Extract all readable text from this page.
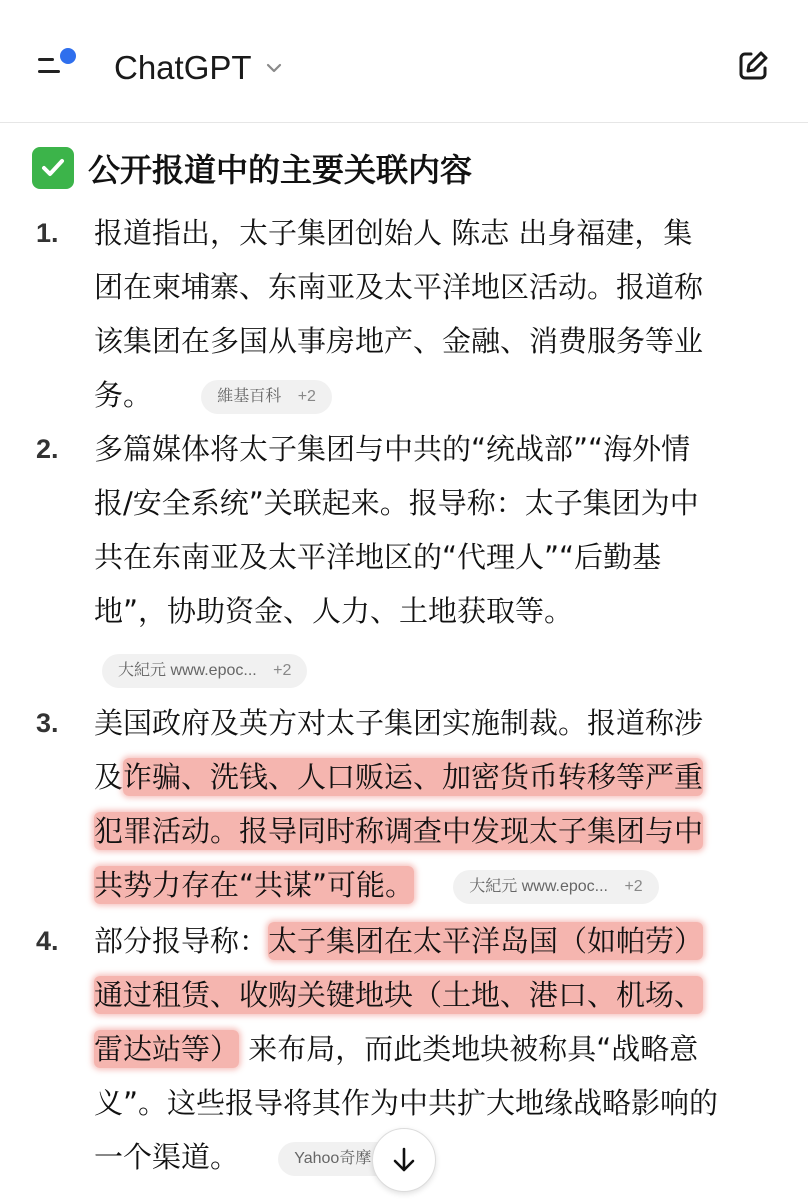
ChatGPT
公开报道中的主要关联内容
1. 报道指出，太子集团创始人 陈志 出身福建，集
团在柬埔寨、东南亚及太平洋地区活动。报道称
该集团在多国从事房地产、金融、消费服务等业
务。	維基百科 +2
2. 多篇媒体将太子集团与中共的“统战部”“海外情
报/安全系统”关联起来。报导称：太子集团为中
共在东南亚及太平洋地区的“代理人”“后勤基
地”，协助资金、人力、土地获取等。
大紀元 www.epoc... +2
3. 美国政府及英方对太子集团实施制裁。报道称涉
及诈骗、洗钱、人口贩运、加密货币转移等严重
犯罪活动。报导同时称调查中发现太子集团与中
共势力存在“共谋”可能。	大紀元 www.epoc... +2
4. 部分报导称：太子集团在太平洋岛国（如帕劳）
通过租赁、收购关键地块（土地、港口、机场、
雷达站等） 来布局，而此类地块被称具“战略意
义”。这些报导将其作为中共扩大地缘战略影响的
一个渠道。	Yahoo奇摩
